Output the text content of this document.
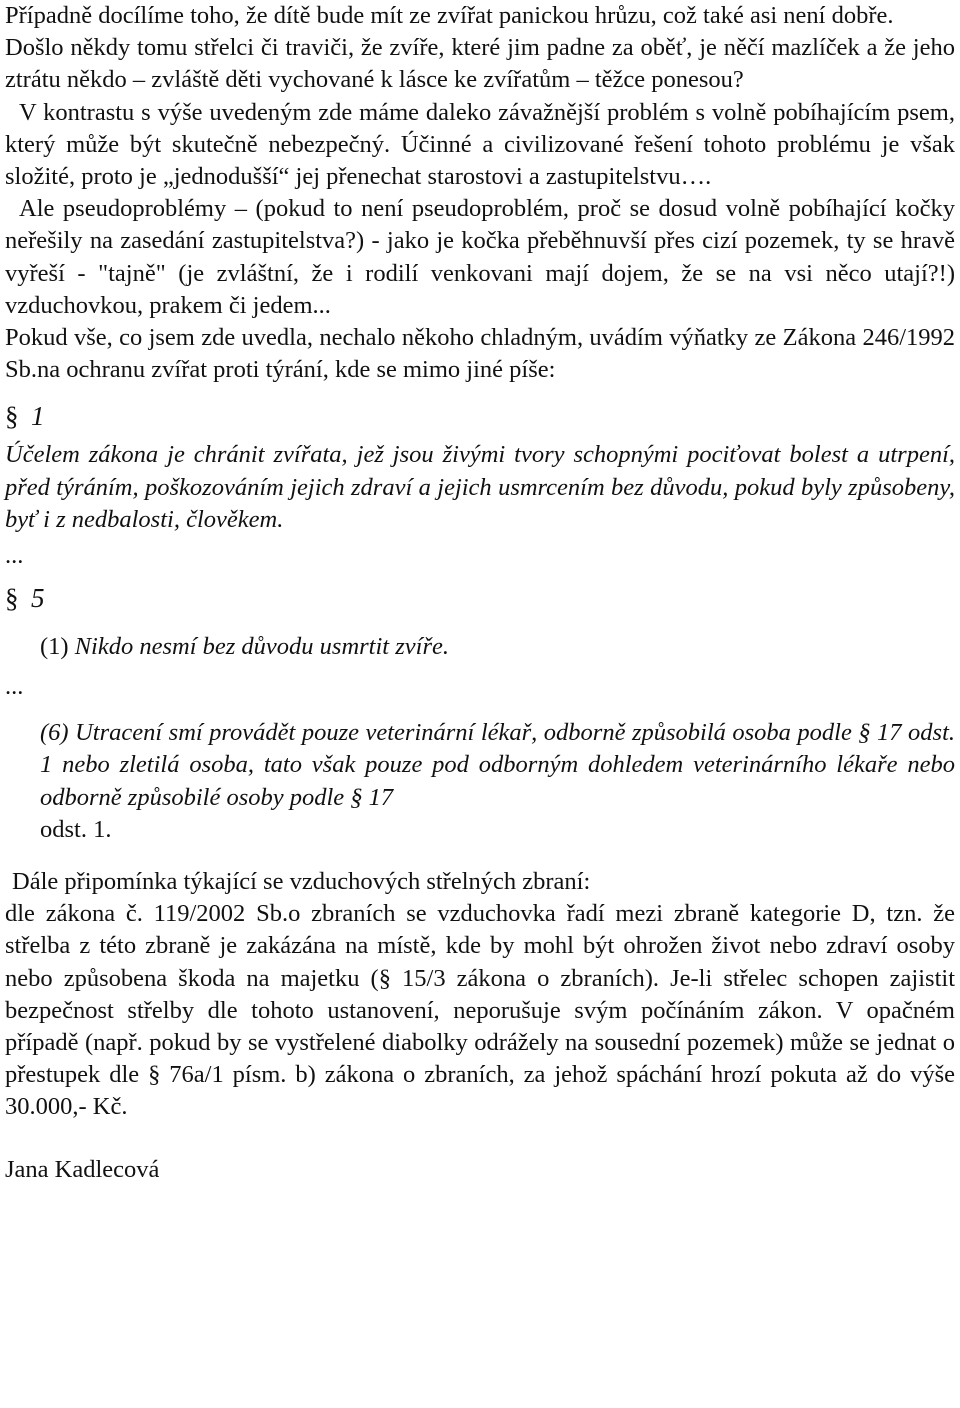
Případně docílíme toho, že dítě bude mít ze zvířat panickou hrůzu, což také asi není dobře.

Došlo někdy tomu střelci či traviči, že zvíře, které jim padne za oběť, je něčí mazlíček a že jeho ztrátu někdo – zvláště děti vychované k lásce ke zvířatům – těžce ponesou?

V kontrastu s výše uvedeným zde máme daleko závažnější problém s volně pobíhajícím psem, který může být skutečně nebezpečný. Účinné a civilizované řešení tohoto problému je však složité, proto je „jednodušší“ jej přenechat starostovi a zastupitelstvu….

Ale pseudoproblémy – (pokud to není pseudoproblém, proč se dosud volně pobíhající kočky neřešily na zasedání zastupitelstva?) - jako je kočka přeběhnuvší přes cizí pozemek, ty se hravě vyřeší - "tajně" (je zvláštní, že i rodilí venkovani mají dojem, že se na vsi něco utají?!) vzduchovkou, prakem či jedem...

Pokud vše, co jsem zde uvedla, nechalo někoho chladným, uvádím výňatky ze Zákona 246/1992 Sb.na ochranu zvířat proti týrání, kde se mimo jiné píše:

§ 1

Účelem zákona je chránit zvířata, jež jsou živými tvory schopnými pociťovat bolest a utrpení, před týráním, poškozováním jejich zdraví a jejich usmrcením bez důvodu, pokud byly způsobeny, byť i z nedbalosti, člověkem.

...
§ 5

(1) Nikdo nesmí bez důvodu usmrtit zvíře.

...

(6) Utracení smí provádět pouze veterinární lékař, odborně způsobilá osoba podle § 17 odst. 1 nebo zletilá osoba, tato však pouze pod odborným dohledem veterinárního lékaře nebo odborně způsobilé osoby podle § 17

odst. 1.

Dále připomínka týkající se vzduchových střelných zbraní:

dle zákona č. 119/2002 Sb.o zbraních se vzduchovka řadí mezi zbraně kategorie D, tzn. že střelba z této zbraně je zakázána na místě, kde by mohl být ohrožen život nebo zdraví osoby nebo způsobena škoda na majetku (§ 15/3 zákona o zbraních). Je-li střelec schopen zajistit bezpečnost střelby dle tohoto ustanovení, neporušuje svým počínáním zákon. V opačném případě (např. pokud by se vystřelené diabolky odrážely na sousední pozemek) může se jednat o přestupek dle § 76a/1 písm. b) zákona o zbraních, za jehož spáchání hrozí pokuta až do výše 30.000,- Kč.

Jana Kadlecová
